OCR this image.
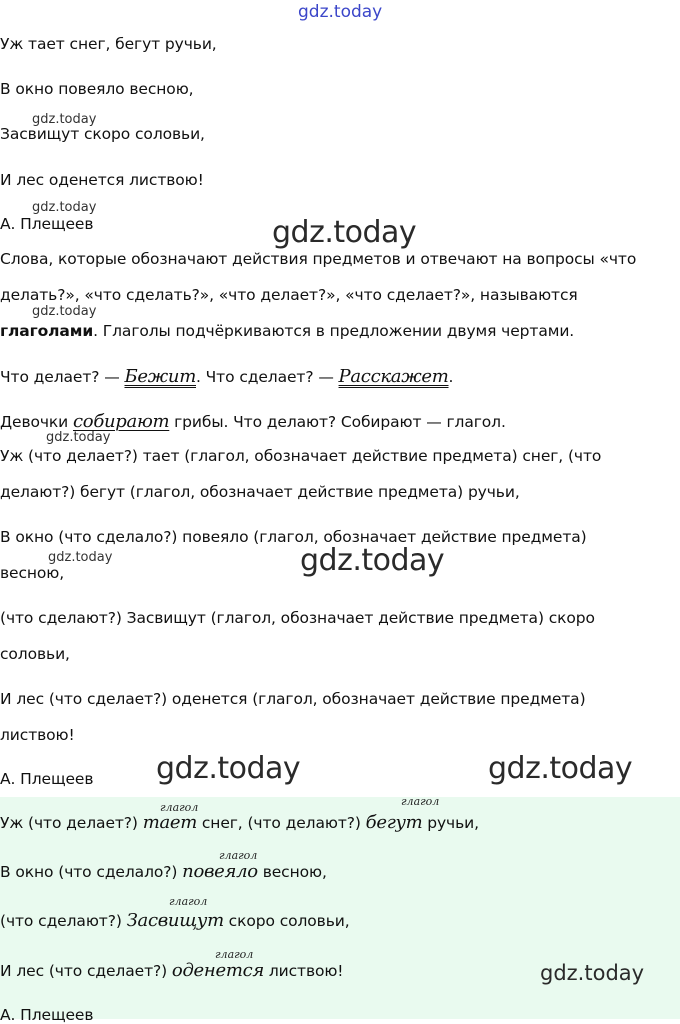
gdz.today
Уж тает снег, бегут ручьи,
В окно повеяло весною,
gdz.today
Засвищут скоро соловьи,
И лес оденется листвою!
gdz.today
А. Плещеев	gdz.today
Слова, которые обозначают действия предметов и отвечают на вопросы «что
делать?», «что сделать?», «что делает?», «что сделает?», называются
gdz.today
глаголами. Глаголы подчёркиваются в предложении двумя чертами.
Что делает? — Бежит. Что сделает? — Расскажет.
Девочки собирают грибы. Что делают? Собирают — глагол.
gdz.today
Уж (что делает?) тает (глагол, обозначает действие предмета) снег, (что
делают?) бегут (глагол, обозначает действие предмета) ручьи,
В окно (что сделало?) повеяло (глагол, обозначает действие предмета)
gdz.today
весною,	gdz.today
(что сделают?) Засвищут (глагол, обозначает действие предмета) скоро
соловьи,
И лес (что сделает?) оденется (глагол, обозначает действие предмета)
листвою!
А. Плещеев gdz.today	gdz.today
глагол	глагол
Уж (что делает?) тает снег, (что делают?) бегут ручьи,
глагол
В окно (что сделало?) повеяло весною,
глагол
(что сделают?) Засвищут скоро соловьи,
глагол
И лес (что сделает?) оденется листвою!	gdz.today
А. Плещеев
